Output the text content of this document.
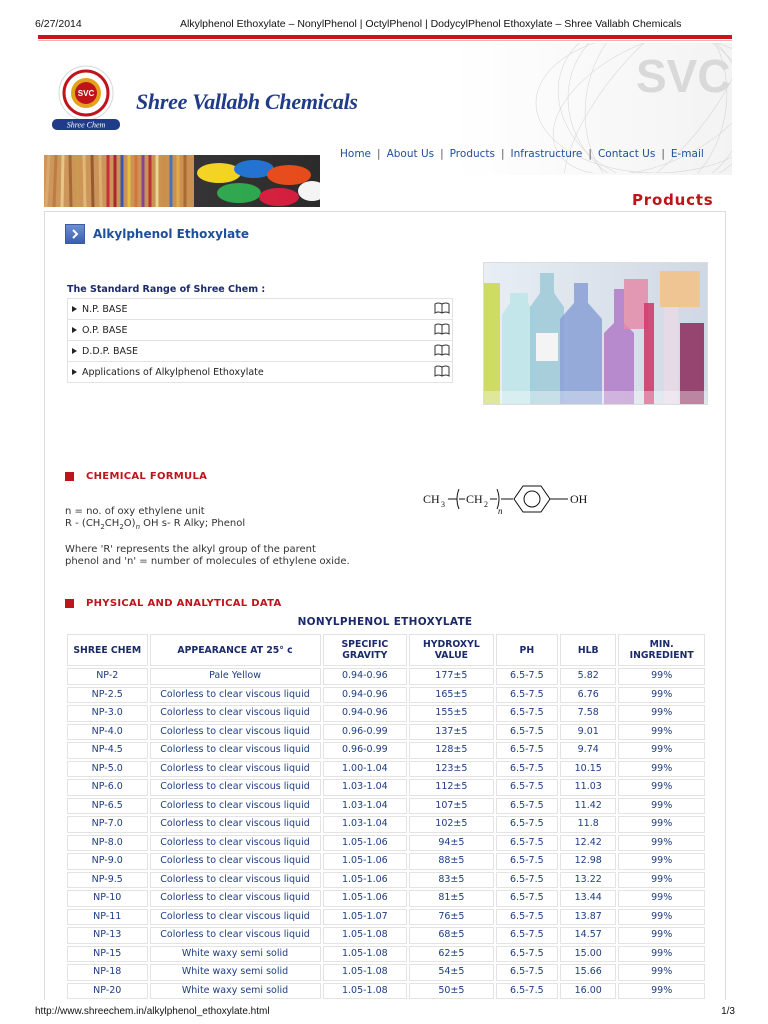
6/27/2014	Alkylphenol Ethoxylate – NonylPhenol | OctylPhenol | DodycylPhenol Ethoxylate – Shree Vallabh Chemicals
SVC
SVC
Shree Chem
Shree Vallabh Chemicals
Home | About Us | Products | Infrastructure | Contact Us | E-mail
Products
Alkylphenol Ethoxylate
The Standard Range of Shree Chem :
N.P. BASE
O.P. BASE
D.D.P. BASE
Applications of Alkylphenol Ethoxylate
CHEMICAL FORMULA
n = no. of oxy ethylene unit
R - $(CH_2CH_2O)_n$ OH s- R Alky; Phenol
Where 'R' represents the alkyl group of the parent
phenol and 'n' = number of molecules of ethylene oxide.
CH 3 CH 2
n
OH
PHYSICAL AND ANALYTICAL DATA
NONYLPHENOL ETHOXYLATE
SHREE CHEM	APPEARANCE AT 25° c	SPECIFIC GRAVITY	HYDROXYL VALUE	PH	HLB	MIN. INGREDIENT
NP-2	Pale Yellow	0.94-0.96	177±5	6.5-7.5	5.82	99%
NP-2.5	Colorless to clear viscous liquid	0.94-0.96	165±5	6.5-7.5	6.76	99%
NP-3.0	Colorless to clear viscous liquid	0.94-0.96	155±5	6.5-7.5	7.58	99%
NP-4.0	Colorless to clear viscous liquid	0.96-0.99	137±5	6.5-7.5	9.01	99%
NP-4.5	Colorless to clear viscous liquid	0.96-0.99	128±5	6.5-7.5	9.74	99%
NP-5.0	Colorless to clear viscous liquid	1.00-1.04	123±5	6.5-7.5	10.15	99%
NP-6.0	Colorless to clear viscous liquid	1.03-1.04	112±5	6.5-7.5	11.03	99%
NP-6.5	Colorless to clear viscous liquid	1.03-1.04	107±5	6.5-7.5	11.42	99%
NP-7.0	Colorless to clear viscous liquid	1.03-1.04	102±5	6.5-7.5	11.8	99%
NP-8.0	Colorless to clear viscous liquid	1.05-1.06	94±5	6.5-7.5	12.42	99%
NP-9.0	Colorless to clear viscous liquid	1.05-1.06	88±5	6.5-7.5	12.98	99%
NP-9.5	Colorless to clear viscous liquid	1.05-1.06	83±5	6.5-7.5	13.22	99%
NP-10	Colorless to clear viscous liquid	1.05-1.06	81±5	6.5-7.5	13.44	99%
NP-11	Colorless to clear viscous liquid	1.05-1.07	76±5	6.5-7.5	13.87	99%
NP-13	Colorless to clear viscous liquid	1.05-1.08	68±5	6.5-7.5	14.57	99%
NP-15	White waxy semi solid	1.05-1.08	62±5	6.5-7.5	15.00	99%
NP-18	White waxy semi solid	1.05-1.08	54±5	6.5-7.5	15.66	99%
NP-20	White waxy semi solid	1.05-1.08	50±5	6.5-7.5	16.00	99%
http://www.shreechem.in/alkylphenol_ethoxylate.html	1/3
